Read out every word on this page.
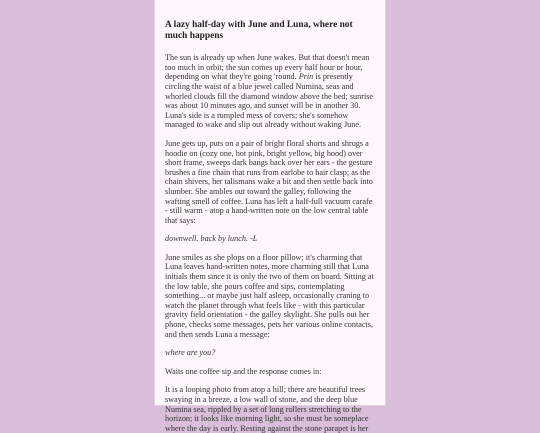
A lazy half-day with June and Luna, where not much happens

The sun is already up when June wakes. But that doesn't mean too much in orbit; the sun comes up every half hour or hour, depending on what they're going 'round. Prin is presently circling the waist of a blue jewel called Numina, seas and whorled clouds fill the diamond window above the bed; sunrise was about 10 minutes ago, and sunset will be in another 30. Luna's side is a rumpled mess of covers; she's somehow managed to wake and slip out already without waking June.

June gets up, puts on a pair of bright floral shorts and shrugs a hoodie on (cozy one, hot pink, bright yellow, big hood) over short frame, sweeps dark bangs back over her ears - the gesture brushes a fine chain that runs from earlobe to hair clasp; as the chain shivers, her talismans wake a bit and then settle back into slumber. She ambles out toward the galley, following the wafting smell of coffee. Luna has left a half-full vacuum carafe - still warm - atop a hand-written note on the low central table that says:

downwell. back by lunch. -L

June smiles as she plops on a floor pillow; it's charming that Luna leaves hand-written notes, more charming still that Luna initials them since it is only the two of them on board. Sitting at the low table, she pours coffee and sips, contemplating something... or maybe just half asleep, occasionally craning to watch the planet through what feels like - with this particular gravity field orientation - the galley skylight. She pulls out her phone, checks some messages, pets her various online contacts, and then sends Luna a message:

where are you?

Waits one coffee sip and the response comes in:

It is a looping photo from atop a hill; there are beautiful trees swaying in a breeze, a low wall of stone, and the deep blue Numina sea, rippled by a set of long rollers stretching to the horizon; it looks like morning light, so she must be someplace where the day is early. Resting against the stone parapet is her
